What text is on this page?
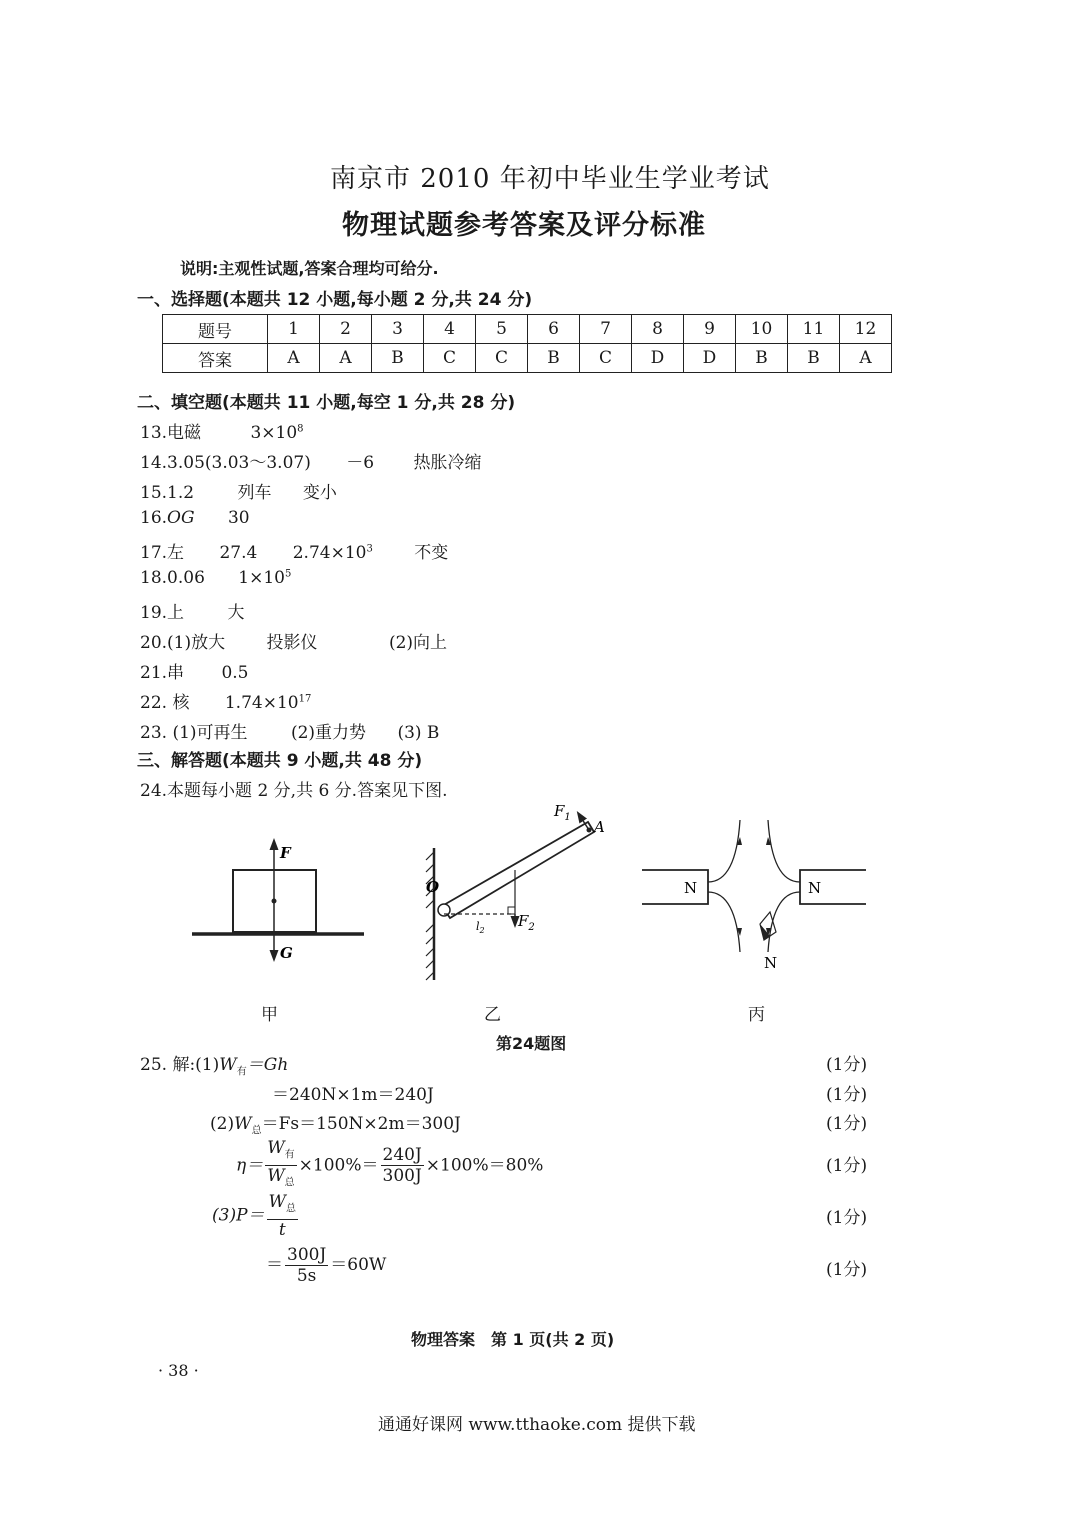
南京市 2010 年初中毕业生学业考试
物理试题参考答案及评分标准
说明:主观性试题,答案合理均可给分.
一、选择题(本题共 12 小题,每小题 2 分,共 24 分)
题号	1	2	3	4	5	6	7	8	9	10	11	12
答案	A	A	B	C	C	B	C	D	D	B	B	A
二、填空题(本题共 11 小题,每空 1 分,共 28 分)
13.电磁	$3\times 10^8$
14.3.05(3.03～3.07) －6 热胀冷缩
15.1.2	列车 变小
16.OG 30
17.左 27.4 $2.74\times 10^3$ 不变
18.0.06 $1\times 10^5$
19.上	大
20.(1)放大 投影仪	(2)向上
21.串 0.5
22. 核 $1.74\times 10^{17}$
23. (1)可再生	(2)重力势 (3) B
三、解答题(本题共 9 小题,共 48 分)
24.本题每小题 2 分,共 6 分.答案见下图.
F
G
O
A
$F_1$
$F_2$
$l_2$
N	N
N
甲	乙	丙
第24题图
25. 解$:(1)W_有=Gh$
＝240N×1m＝240J
$(2)W_总=Fs=150N\times 2m=300J$
$\eta= \frac{W_有}{W_总} \times 100\%= \frac{240J}{300J} \times 100\%=80\%$
$(3)P= \frac{W_总}{t}$
＝ $\frac{300J}{5s} =60W$
(1分)
(1分)
(1分)
(1分)
(1分)
(1分)
物理答案　第 1 页(共 2 页)
· 38 ·
通通好课网 www.tthaoke.com 提供下载
